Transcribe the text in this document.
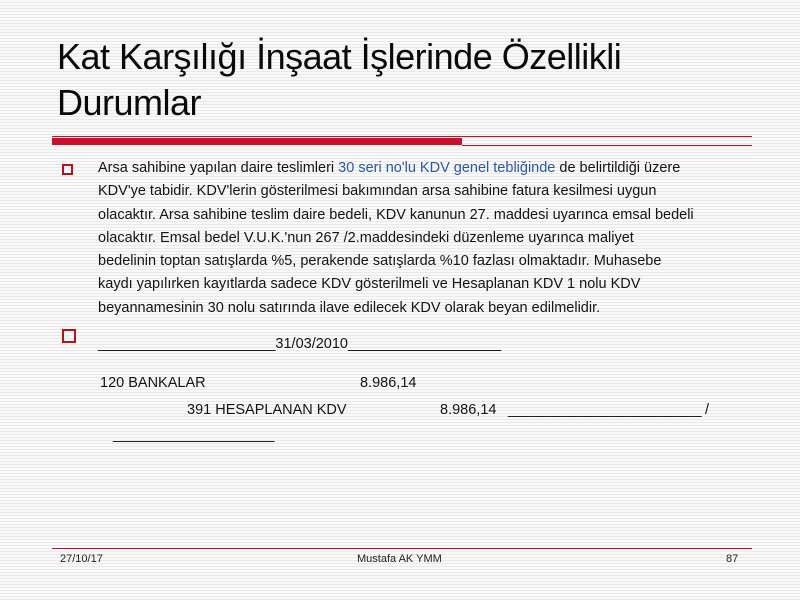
Kat Karşılığı İnşaat İşlerinde Özellikli
Durumlar
Arsa sahibine yapılan daire teslimleri 30 seri no'lu KDV genel tebliğinde de belirtildiği üzere
KDV'ye tabidir. KDV'lerin gösterilmesi bakımından arsa sahibine fatura kesilmesi uygun
olacaktır. Arsa sahibine teslim daire bedeli, KDV kanunun 27. maddesi uyarınca emsal bedeli
olacaktır. Emsal bedel V.U.K.'nun 267 /2.maddesindeki düzenleme uyarınca maliyet
bedelinin toptan satışlarda %5, perakende satışlarda %10 fazlası olmaktadır. Muhasebe
kaydı yapılırken kayıtlarda sadece KDV gösterilmeli ve Hesaplanan KDV 1 nolu KDV
beyannamesinin 30 nolu satırında ilave edilecek KDV olarak beyan edilmelidir.
______________________31/03/2010___________________
120 BANKALAR	8.986,14
391 HESAPLANAN KDV	8.986,14 ________________________ /
____________________
27/10/17	Mustafa AK YMM	87
